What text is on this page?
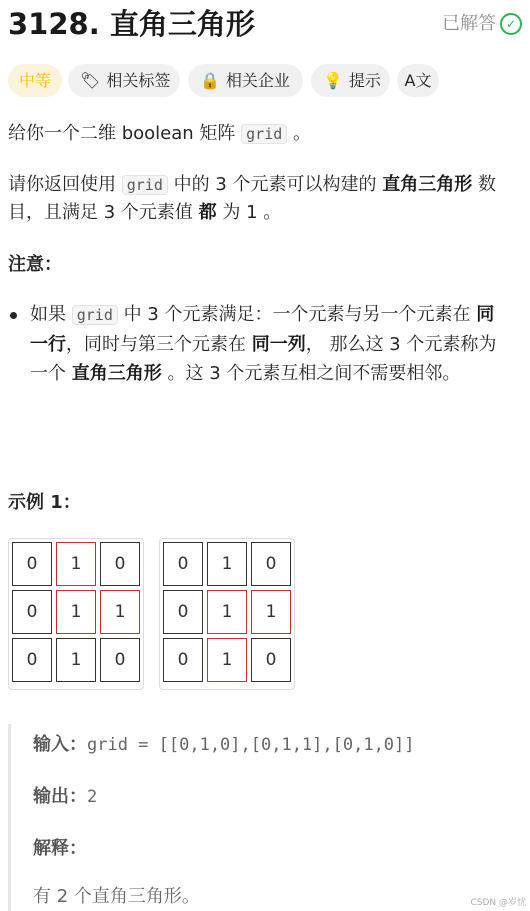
3128. 直角三角形	已解答 ✓
中等	🏷 相关标签	🔒 相关企业	💡 提示	A文
给你一个二维 boolean 矩阵 grid 。
请你返回使用 grid 中的 3 个元素可以构建的 直角三角形 数目，且满足 3 个元素值 都 为 1 。
注意：
如果 grid 中 3 个元素满足：一个元素与另一个元素在 同一行，同时与第三个元素在 同一列， 那么这 3 个元素称为一个 直角三角形 。这 3 个元素互相之间不需要相邻。
示例 1：
0	1	0
0	1	1
0	1	0
0	1	0
0	1	1
0	1	0
输入：grid = [[0,1,0],[0,1,1],[0,1,0]]
输出：2
解释：
有 2 个直角三角形。	CSDN @岁忧
